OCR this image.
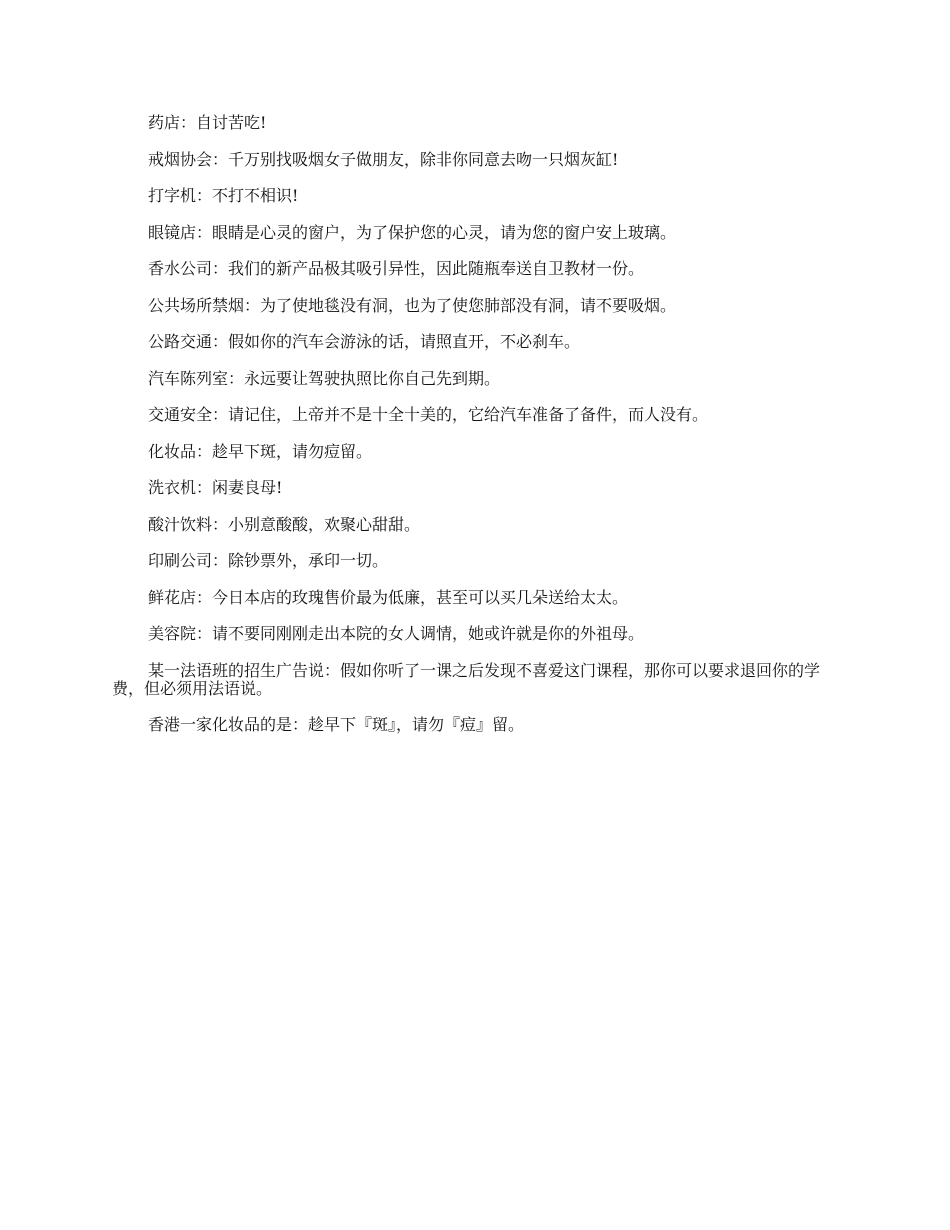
药店：自讨苦吃!

戒烟协会：千万别找吸烟女子做朋友，除非你同意去吻一只烟灰缸!

打字机：不打不相识!

眼镜店：眼睛是心灵的窗户，为了保护您的心灵，请为您的窗户安上玻璃。

香水公司：我们的新产品极其吸引异性，因此随瓶奉送自卫教材一份。

公共场所禁烟：为了使地毯没有洞，也为了使您肺部没有洞，请不要吸烟。

公路交通：假如你的汽车会游泳的话，请照直开，不必刹车。

汽车陈列室：永远要让驾驶执照比你自己先到期。

交通安全：请记住，上帝并不是十全十美的，它给汽车准备了备件，而人没有。

化妆品：趁早下斑，请勿痘留。

洗衣机：闲妻良母!

酸汁饮料：小别意酸酸，欢聚心甜甜。

印刷公司：除钞票外，承印一切。

鲜花店：今日本店的玫瑰售价最为低廉，甚至可以买几朵送给太太。

美容院：请不要同刚刚走出本院的女人调情，她或许就是你的外祖母。

某一法语班的招生广告说：假如你听了一课之后发现不喜爱这门课程，那你可以要求退回你的学费，但必须用法语说。

香港一家化妆品的是：趁早下『斑』，请勿『痘』留。
